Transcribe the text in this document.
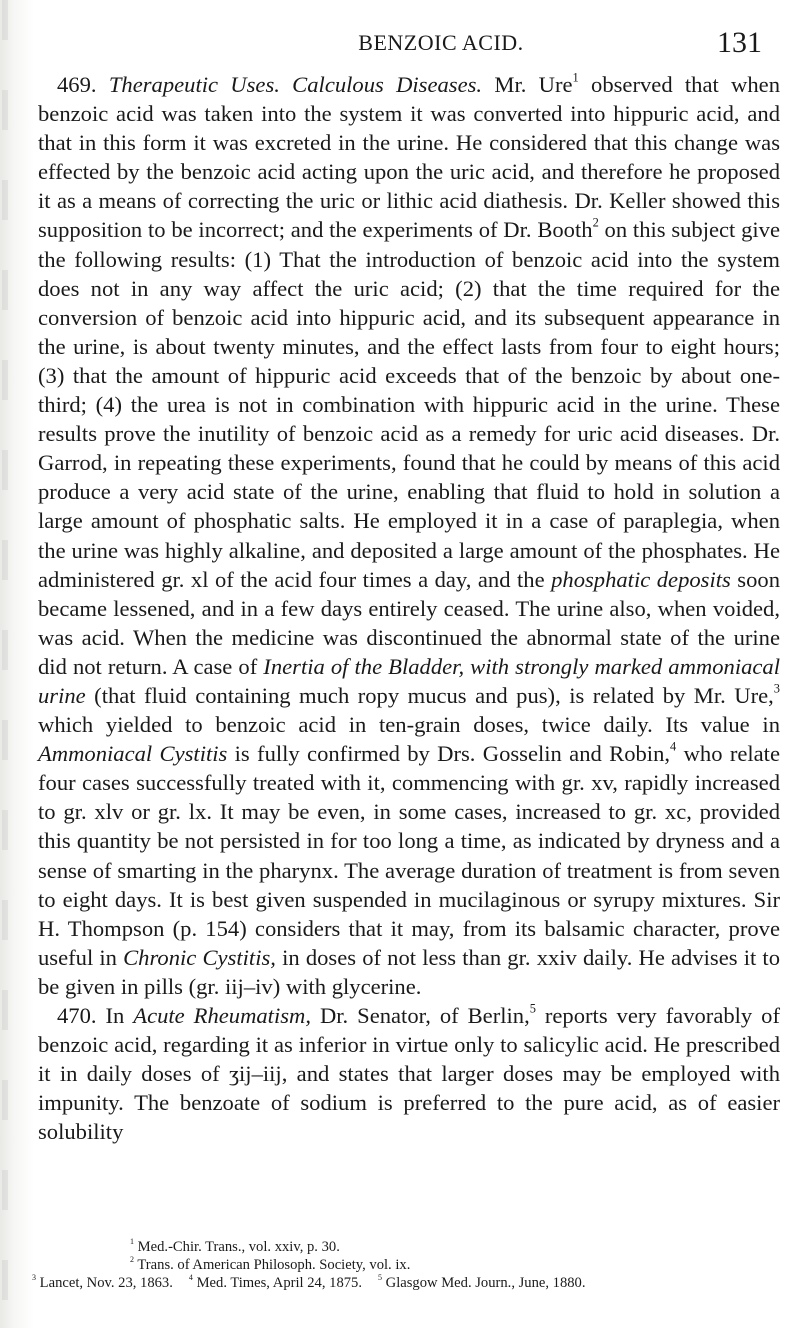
BENZOIC ACID.	131

469. Therapeutic Uses. Calculous Diseases. Mr. Ure$^1$ observed that when benzoic acid was taken into the system it was converted into hippuric acid, and that in this form it was excreted in the urine. He considered that this change was effected by the benzoic acid acting upon the uric acid, and therefore he proposed it as a means of correcting the uric or lithic acid diathesis. Dr. Keller showed this supposition to be incorrect; and the experiments of Dr. Booth$^2$ on this subject give the following results: (1) That the introduction of benzoic acid into the system does not in any way affect the uric acid; (2) that the time required for the conversion of benzoic acid into hippuric acid, and its subsequent appearance in the urine, is about twenty minutes, and the effect lasts from four to eight hours; (3) that the amount of hippuric acid exceeds that of the benzoic by about one-third; (4) the urea is not in combination with hippuric acid in the urine. These results prove the inutility of benzoic acid as a remedy for uric acid diseases. Dr. Garrod, in repeating these experiments, found that he could by means of this acid produce a very acid state of the urine, enabling that fluid to hold in solution a large amount of phosphatic salts. He employed it in a case of paraplegia, when the urine was highly alkaline, and deposited a large amount of the phosphates. He administered gr. xl of the acid four times a day, and the phosphatic deposits soon became lessened, and in a few days entirely ceased. The urine also, when voided, was acid. When the medicine was discontinued the abnormal state of the urine did not return. A case of Inertia of the Bladder, with strongly marked ammoniacal urine (that fluid containing much ropy mucus and pus), is related by Mr. Ure,$^3$ which yielded to benzoic acid in ten-grain doses, twice daily. Its value in Ammoniacal Cystitis is fully confirmed by Drs. Gosselin and Robin,$^4$ who relate four cases successfully treated with it, commencing with gr. xv, rapidly increased to gr. xlv or gr. lx. It may be even, in some cases, increased to gr. xc, provided this quantity be not persisted in for too long a time, as indicated by dryness and a sense of smarting in the pharynx. The average duration of treatment is from seven to eight days. It is best given suspended in mucilaginous or syrupy mixtures. Sir H. Thompson (p. 154) considers that it may, from its balsamic character, prove useful in Chronic Cystitis, in doses of not less than gr. xxiv daily. He advises it to be given in pills (gr. iij–iv) with glycerine.

470. In Acute Rheumatism, Dr. Senator, of Berlin,$^5$ reports very favorably of benzoic acid, regarding it as inferior in virtue only to salicylic acid. He prescribed it in daily doses of ʒij–iij, and states that larger doses may be employed with impunity. The benzoate of sodium is preferred to the pure acid, as of easier solubility

$^1$ Med.-Chir. Trans., vol. xxiv, p. 30.
$^2$ Trans. of American Philosoph. Society, vol. ix.
$^3$ Lancet, Nov. 23, 1863. $^4$ Med. Times, April 24, 1875. $^5$ Glasgow Med. Journ., June, 1880.
